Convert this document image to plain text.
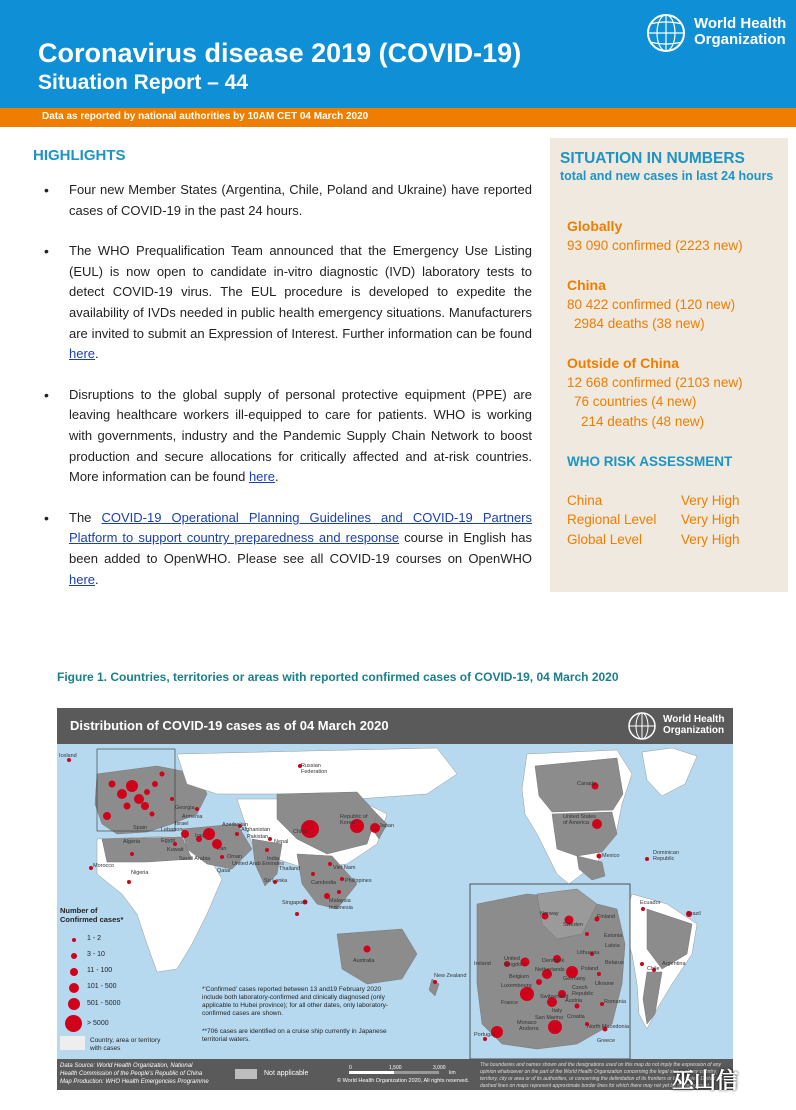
Coronavirus disease 2019 (COVID-19)
Situation Report – 44
World Health
Organization
Data as reported by national authorities by 10AM CET 04 March 2020
HIGHLIGHTS
• Four new Member States (Argentina, Chile, Poland and Ukraine) have reported cases of COVID-19 in the past 24 hours.
• The WHO Prequalification Team announced that the Emergency Use Listing (EUL) is now open to candidate in-vitro diagnostic (IVD) laboratory tests to detect COVID-19 virus. The EUL procedure is developed to expedite the availability of IVDs needed in public health emergency situations. Manufacturers are invited to submit an Expression of Interest. Further information can be found here.
• Disruptions to the global supply of personal protective equipment (PPE) are leaving healthcare workers ill-equipped to care for patients. WHO is working with governments, industry and the Pandemic Supply Chain Network to boost production and secure allocations for critically affected and at-risk countries. More information can be found here.
• The COVID-19 Operational Planning Guidelines and COVID-19 Partners Platform to support country preparedness and response course in English has been added to OpenWHO. Please see all COVID-19 courses on OpenWHO here.
SITUATION IN NUMBERS
total and new cases in last 24 hours
Globally
93 090 confirmed (2223 new)
China
80 422 confirmed (120 new)
2984 deaths (38 new)
Outside of China
12 668 confirmed (2103 new)
76 countries (4 new)
214 deaths (48 new)
WHO RISK ASSESSMENT
China	Very High
Regional Level Very High
Global Level	Very High
Figure 1. Countries, territories or areas with reported confirmed cases of COVID-19, 04 March 2020
Distribution of COVID-19 cases as of 04 March 2020	World Health
Organization
Iceland
Russian
Federation
Canada
United States
of America
Mexico	Dominican
Republic
Brazil
Chile
Argentina
Ecuador
China
Republic of
Korea	Japan
Viet Nam
Cambodia Philippines
Malaysia
Indonesia
Singapore
Thailand
Sri Lanka
India
Nepal
Pakistan
Afghanistan
Iran
Iraq
Saudi Arabia	Oman
United Arab Emirates
Qatar
Kuwait
Egypt
Algeria
Nigeria
Morocco
Australia
New Zealand
Georgia
Armenia
Azerbaijan
Lebanon
Israel
Spain
Norway
Sweden
Finland
Estonia
Latvia
Lithuania
Belarus
Ukraine
Poland
Denmark
Germany
United
Kingdom
Ireland
Netherlands
Belgium
Luxembourg
France
Switzerland
Austria
Czech
Republic
Romania
Italy
San Marino
Monaco
Andorra
Croatia
Greece
Portugal
North Macedonia
Number of
Confirmed cases*
1 - 2
3 - 10
11 - 100
101 - 500
501 - 5000
> 5000
Country, area or territory with cases
*'Confirmed' cases reported between 13 and19 February 2020 include both laboratory-confirmed and clinically diagnosed (only applicable to Hubei province); for all other dates, only laboratory-confirmed cases are shown.
**706 cases are identified on a cruise ship currently in Japanese territorial waters.
Data Source: World Health Organization, National
Health Commission of the People's Republic of China
Map Production: WHO Health Emergencies Programme
Not applicable
0	1,500	3,000
km
© World Health Organization 2020, All rights reserved.
The boundaries and names shown and the designations used on this map do not imply the expression of any opinion whatsoever on the part of the World Health Organization concerning the legal status of any country, territory, city or area or of its authorities, or concerning the delimitation of its frontiers or boundaries. Dotted and dashed lines on maps represent approximate border lines for which there may not yet be full agreement.
巫山信
